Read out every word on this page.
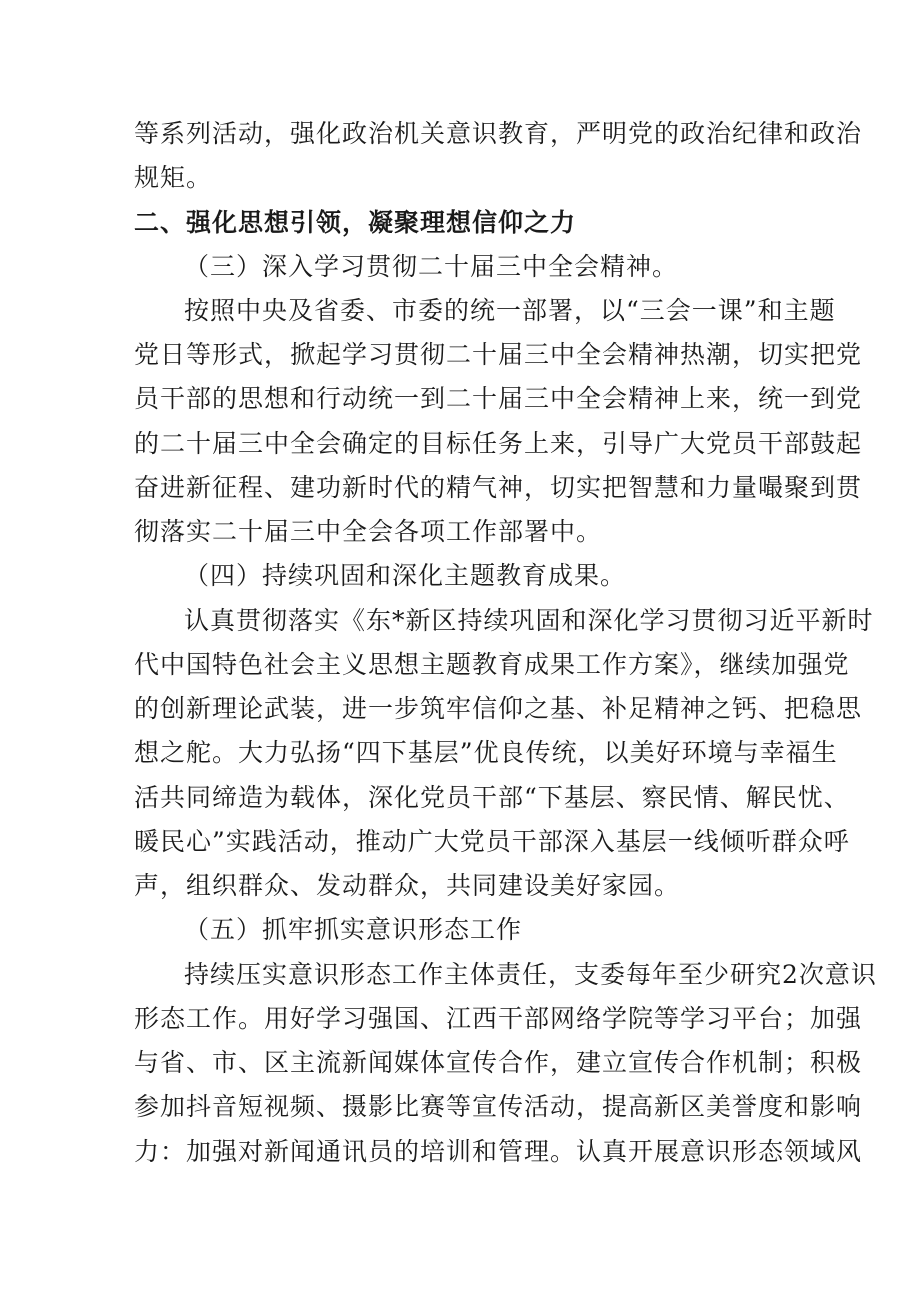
等系列活动，强化政治机关意识教育，严明党的政治纪律和政治
规矩。
二、强化思想引领，凝聚理想信仰之力
（三）深入学习贯彻二十届三中全会精神。
按照中央及省委、市委的统一部署，以“三会一课”和主题
党日等形式，掀起学习贯彻二十届三中全会精神热潮，切实把党
员干部的思想和行动统一到二十届三中全会精神上来，统一到党
的二十届三中全会确定的目标任务上来，引导广大党员干部鼓起
奋进新征程、建功新时代的精气神，切实把智慧和力量嘬聚到贯
彻落实二十届三中全会各项工作部署中。
（四）持续巩固和深化主题教育成果。
认真贯彻落实《东*新区持续巩固和深化学习贯彻习近平新时
代中国特色社会主义思想主题教育成果工作方案》，继续加强党
的创新理论武装，进一步筑牢信仰之基、补足精神之钙、把稳思
想之舵。大力弘扬“四下基层”优良传统，以美好环境与幸福生
活共同缔造为载体，深化党员干部“下基层、察民情、解民忧、
暖民心”实践活动，推动广大党员干部深入基层一线倾听群众呼
声，组织群众、发动群众，共同建设美好家园。
（五）抓牢抓实意识形态工作
持续压实意识形态工作主体责任，支委每年至少研究2次意识
形态工作。用好学习强国、江西干部网络学院等学习平台；加强
与省、市、区主流新闻媒体宣传合作，建立宣传合作机制；积极
参加抖音短视频、摄影比赛等宣传活动，提高新区美誉度和影响
力：加强对新闻通讯员的培训和管理。认真开展意识形态领域风
